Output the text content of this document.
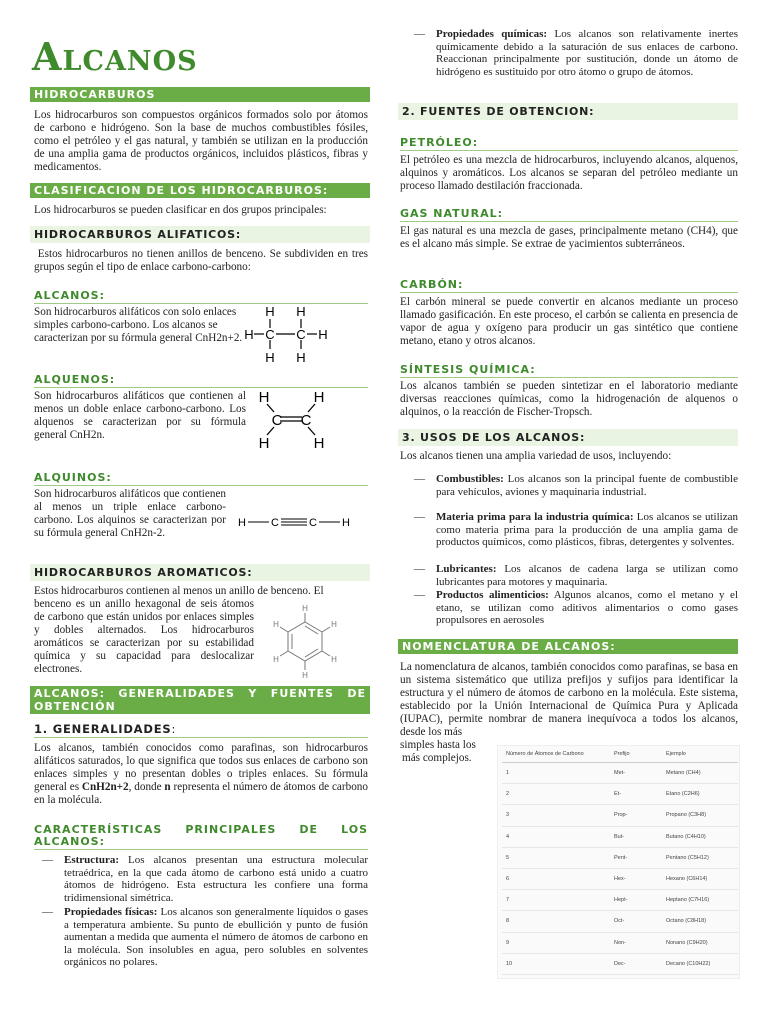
ALCANOS
HIDROCARBUROS

Los hidrocarburos son compuestos orgánicos formados solo por átomos de carbono e hidrógeno. Son la base de muchos combustibles fósiles, como el petróleo y el gas natural, y también se utilizan en la producción de una amplia gama de productos orgánicos, incluidos plásticos, fibras y medicamentos.

CLASIFICACION DE LOS HIDROCARBUROS:

Los hidrocarburos se pueden clasificar en dos grupos principales:

HIDROCARBUROS ALIFATICOS:

Estos hidrocarburos no tienen anillos de benceno. Se subdividen en tres grupos según el tipo de enlace carbono-carbono:

ALCANOS:

Son hidrocarburos alifáticos con solo enlaces simples carbono-carbono. Los alcanos se caracterizan por su fórmula general CnH2n+2.

H H
H C C H
H H
ALQUENOS:

Son hidrocarburos alifáticos que contienen al menos un doble enlace carbono-carbono. Los alquenos se caracterizan por su fórmula general CnH2n.

H	H
C C
H	H
ALQUINOS:

Son hidrocarburos alifáticos que contienen al menos un triple enlace carbono-carbono. Los alquinos se caracterizan por su fórmula general CnH2n-2.

H C	C H
HIDROCARBUROS AROMATICOS:

Estos hidrocarburos contienen al menos un anillo de benceno. El

benceno es un anillo hexagonal de seis átomos de carbono que están unidos por enlaces simples y dobles alternados. Los hidrocarburos aromáticos se caracterizan por su estabilidad química y su capacidad para deslocalizar electrones.

H
H
H
H
H
H
ALCANOS: GENERALIDADES Y FUENTES DE OBTENCIÓN
1. GENERALIDADES:

Los alcanos, también conocidos como parafinas, son hidrocarburos alifáticos saturados, lo que significa que todos sus enlaces de carbono son enlaces simples y no presentan dobles o triples enlaces. Su fórmula general es CnH2n+2, donde n representa el número de átomos de carbono en la molécula.

CARACTERÍSTICAS PRINCIPALES DE LOS ALCANOS:
— Estructura: Los alcanos presentan una estructura molecular tetraédrica, en la que cada átomo de carbono está unido a cuatro átomos de hidrógeno. Esta estructura les confiere una forma tridimensional simétrica.
— Propiedades físicas: Los alcanos son generalmente líquidos o gases a temperatura ambiente. Su punto de ebullición y punto de fusión aumentan a medida que aumenta el número de átomos de carbono en la molécula. Son insolubles en agua, pero solubles en solventes orgánicos no polares.
— Propiedades químicas: Los alcanos son relativamente inertes químicamente debido a la saturación de sus enlaces de carbono. Reaccionan principalmente por sustitución, donde un átomo de hidrógeno es sustituido por otro átomo o grupo de átomos.
2. FUENTES DE OBTENCION:
PETRÓLEO:

El petróleo es una mezcla de hidrocarburos, incluyendo alcanos, alquenos, alquinos y aromáticos. Los alcanos se separan del petróleo mediante un proceso llamado destilación fraccionada.

GAS NATURAL:

El gas natural es una mezcla de gases, principalmente metano (CH4), que es el alcano más simple. Se extrae de yacimientos subterráneos.

CARBÓN:

El carbón mineral se puede convertir en alcanos mediante un proceso llamado gasificación. En este proceso, el carbón se calienta en presencia de vapor de agua y oxígeno para producir un gas sintético que contiene metano, etano y otros alcanos.

SÍNTESIS QUÍMICA:

Los alcanos también se pueden sintetizar en el laboratorio mediante diversas reacciones químicas, como la hidrogenación de alquenos o alquinos, o la reacción de Fischer-Tropsch.

3. USOS DE LOS ALCANOS:

Los alcanos tienen una amplia variedad de usos, incluyendo:

— Combustibles: Los alcanos son la principal fuente de combustible para vehículos, aviones y maquinaria industrial.
— Materia prima para la industria química: Los alcanos se utilizan como materia prima para la producción de una amplia gama de productos químicos, como plásticos, fibras, detergentes y solventes.
— Lubricantes: Los alcanos de cadena larga se utilizan como lubricantes para motores y maquinaria.
— Productos alimenticios: Algunos alcanos, como el metano y el etano, se utilizan como aditivos alimentarios o como gases propulsores en aerosoles
NOMENCLATURA DE ALCANOS:

La nomenclatura de alcanos, también conocidos como parafinas, se basa en un sistema sistemático que utiliza prefijos y sufijos para identificar la estructura y el número de átomos de carbono en la molécula. Este sistema, establecido por la Unión Internacional de Química Pura y Aplicada (IUPAC), permite nombrar de manera inequívoca a todos los alcanos, desde los más

simples hasta los
más complejos.	Número de Átomos de Carbono	Prefijo	Ejemplo
1	Met-	Metano (CH4)
2	Et-	Etano (C2H6)
3	Prop-	Propano (C3H8)
4	But-	Butano (C4H10)
5	Pent-	Pentano (C5H12)
6	Hex-	Hexano (C6H14)
7	Hept-	Heptano (C7H16)
8	Oct-	Octano (C8H18)
9	Non-	Nonano (C9H20)
10	Dec-	Decano (C10H22)
